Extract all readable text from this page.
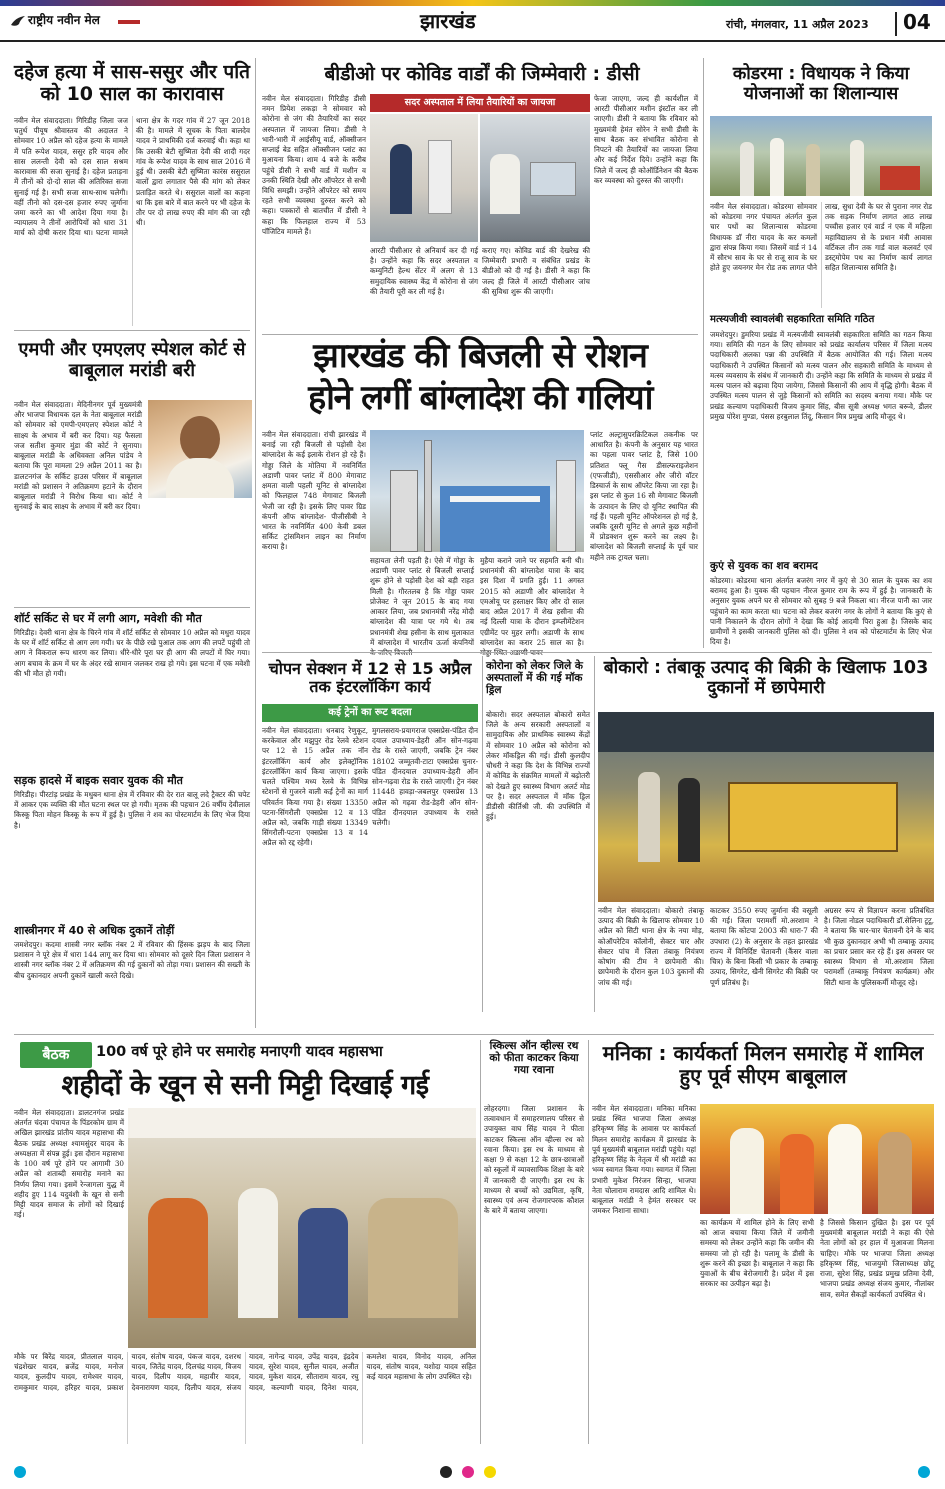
राष्ट्रीय नवीन मेल	झारखंड	रांची, मंगलवार, 11 अप्रैल 2023 04
दहेज हत्या में सास-ससुर और पति को 10 साल का कारावास
नवीन मेल संवाददाता। गिरिडीह जिला जज चतुर्थ पीयूष श्रीवास्तव की अदालत ने सोमवार 10 अप्रैल को दहेज हत्या के मामले में पति रूपेश यादव, ससुर हरि यादव और सास ललन्ती देवी को दस साल सश्रम कारावास की सजा सुनाई है। दहेज प्रताड़ना में तीनों को दो-दो साल की अतिरिक्त सजा सुनाई गई है। सभी सजा साथ-साथ चलेगी। वहीं तीनो को दस-दस हजार रुपए जुर्माना जमा करने का भी आदेश दिया गया है। न्यायालय ने तीनों आरोपियों को धारा 31 मार्च को दोषी करार दिया था। घटना मामले थाना क्षेत्र के गदर गांव में 27 जून 2018 की है। मामले में सूचक के पिता बालदेव यादव ने प्राथमिकी दर्ज करवाई थी। कहा था कि उसकी बेटी सुष्मिता देवी की शादी गदर गांव के रूपेश यादव के साथ साल 2016 में हुई थी। उसकी बेटी सुष्मिता कारंस ससुराल वालों द्वारा लगातार पैसे की मांग को लेकर प्रताड़ित करते थे। ससुराल वालों का कहना था कि इस बारे में बात करने पर भी दहेज के तौर पर दो लाख रुपए की मांग की जा रही थी।
एमपी और एमएलए स्पेशल कोर्ट से बाबूलाल मरांडी बरी
नवीन मेल संवाददाता। मेदिनीनगर पूर्व मुख्यमंत्री और भाजपा विधायक दल के नेता बाबूलाल मरांडी को सोमवार को एमपी-एमएलए स्पेशल कोर्ट ने साक्ष्य के अभाव में बरी कर दिया। यह फैसला जज सतीश कुमार मुंडा की कोर्ट ने सुनाया। बाबूलाल मरांडी के अधिवक्ता अनिल पांडेय ने बताया कि पूरा मामला 29 अप्रैल 2011 का है। डालटनगंज के सर्किट हाउस परिसर में बाबूलाल मरांडी को प्रशासन ने अतिक्रमण हटाने के दौरान बाबूलाल मरांडी ने विरोध किया था। कोर्ट ने सुनवाई के बाद साक्ष्य के अभाव में बरी कर दिया।
शॉर्ट सर्किट से घर में लगी आग, मवेशी की मौत
गिरिडीह। देवरी थाना क्षेत्र के चिरने गांव में शॉर्ट सर्किट से सोमवार 10 अप्रैल को मधुरा यादव के घर में शॉर्ट सर्किट से आग लग गयी। घर के पीछे रखे पुआल तक आग की लपटें पहुंची तो आग ने विकराल रूप धारण कर लिया। धीरे-धीरे पूरा घर ही आग की लपटों में घिर गया। आग बचाव के क्रम में घर के अंदर रखे सामान जलकर राख हो गये। इस घटना में एक मवेशी की भी मौत हो गयी।
सड़क हादसे में बाइक सवार युवक की मौत
गिरिडीह। पीरटांड़ प्रखंड के मधुबन थाना क्षेत्र में रविवार की देर रात बालू लदे ट्रैक्टर की चपेट में आकर एक व्यक्ति की मौत घटना स्थल पर हो गयी। मृतक की पहचान 26 वर्षीय देवीलाल किस्कू पिता मोहन किस्कू के रूप में हुई है। पुलिस ने शव का पोस्टमार्टम के लिए भेज दिया है।
शास्त्रीनगर में 40 से अधिक दुकानें तोड़ीं
जमशेदपुर। कदमा शास्त्री नगर ब्लॉक नंबर 2 में रविवार की हिंसक झड़प के बाद जिला प्रशासन ने पूरे क्षेत्र में धारा 144 लागू कर दिया था। सोमवार को दूसरे दिन जिला प्रशासन ने शास्त्री नगर ब्लॉक नंबर 2 में अतिक्रमण की गई दुकानों को तोड़ा गया। प्रशासन की सख्ती के बीच दुकानदार अपनी दुकानें खाली करते दिखे।
बीडीओ पर कोविड वार्डों की जिम्मेवारी : डीसी
नवीन मेल संवाददाता। गिरिडीह डीसी नमन प्रियेश लकड़ा ने सोमवार को कोरोना से जंग की तैयारियों का सदर अस्पताल में जायजा लिया। डीसी ने भारी-भारी में आईसीयू वार्ड, ऑक्सीजन सप्लाई बेड सहित ऑक्सीजन प्लांट का मुआयना किया। शाम 4 बजे के करीब पहुंचे डीसी ने सभी वार्ड में मशीन व उनकी स्थिति देखी और ऑपरेटर से सभी विधि समझी। उन्होंने ऑपरेटर को समय रहते सभी व्यवस्था दुरुस्त करने को कहा। पत्रकारों से बातचीत में डीसी ने कहा कि फिलहाल राज्य में 53 पॉजिटिव मामले हैं।
सदर अस्पताल में लिया तैयारियों का जायजा
आरटी पीसीआर से अनिवार्य कर दी गई है। उन्होंने कहा कि सदर अस्पताल व कम्युनिटी हेल्थ सेंटर में अलग से 13 समुदायिक स्वास्थ्य केंद्र में कोरोना से जंग की तैयारी पूरी कर ली गई है।
कराए गए। कोविड वार्ड की देखरेख की जिम्मेवारी प्रभारी व संबंधित प्रखंड के बीडीओ को दी गई है। डीसी ने कहा कि जल्द ही जिले में आरटी पीसीआर जांच की सुविधा शुरू की जाएगी।
फेजा जाएगा, जल्द ही कार्यशील में आरटी पीसीआर मशीन इंस्टॉल कर ली जाएगी। डीसी ने बताया कि रविवार को मुख्यमंत्री हेमंत सोरेन ने सभी डीसी के साथ बैठक कर संभावित कोरोना से निपटने की तैयारियों का जायजा लिया और कई निर्देश दिये। उन्होंने कहा कि जिले में जल्द ही कोऑर्डिनेशन की बैठक कर व्यवस्था को दुरुस्त की जाएगी।
कोडरमा : विधायक ने किया योजनाओं का शिलान्यास
नवीन मेल संवाददाता। कोडरमा सोमवार को कोडरमा नगर पंचायत अंतर्गत कुल चार पथों का शिलान्यास कोडरमा विधायक डॉ नीरा यादव के कर कमलों द्वारा संपन्न किया गया। जिसमें वार्ड नं 14 में सौरभ साव के घर से राजू साव के घर होते हुए जयनगर मेन रोड तक लागत पौने लाख, सुधा देवी के घर से पुराना नगर रोड तक सड़क निर्माण लागत आठ लाख पच्चीस हजार एवं वार्ड नं एक में महिला महाविद्यालय से के प्रधान मंत्री आवास वर्टिकल तीन तक गार्ड वाल कलवर्ट एवं डस्ट्मोपेम पथ का निर्माण कार्य लागत सहित शिलान्यास समिति है।
मत्स्यजीवी स्वावलंबी सहकारिता समिति गठित
जमशेदपुर। डुमरिया प्रखंड में मत्स्यजीवी स्वावलंबी सहकारिता समिति का गठन किया गया। समिति की गठन के लिए सोमवार को प्रखंड कार्यालय परिसर में जिला मत्स्य पदाधिकारी अलका पन्ना की उपस्थिति में बैठक आयोजित की गई। जिला मत्स्य पदाधिकारी ने उपस्थित किसानों को मत्स्य पालन और सहकारी समिति के माध्यम से मत्स्य व्यवसाय के संबंध में जानकारी दी। उन्होंने कहा कि समिति के माध्यम से प्रखंड में मत्स्य पालन को बढ़ावा दिया जायेगा, जिससे किसानों की आय में वृद्धि होगी। बैठक में उपस्थित मत्स्य पालन से जुड़े किसानों को समिति का सदस्य बनाया गया। मौके पर प्रखंड कल्याण पदाधिकारी विजय कुमार सिंह, बीस सूत्री अध्यक्ष भगत बरूवे, डीलर प्रमुख पोरेश मुण्डा, पंसस हरबुलाल तिंदू, किसान मित्र प्रमुख आदि मौजूद थे।
कुएं से युवक का शव बरामद
कोडरमा। कोडरमा थाना अंतर्गत बजरंग नगर में कुएं से 30 साल के युवक का शव बरामद हुआ है। युवक की पहचान नीरज कुमार राम के रूप में हुई है। जानकारी के अनुसार युवक अपने घर से सोमवार को सुबह 9 बजे निकला था। नीरज पानी का जार पहुंचाने का काम करता था। घटना को लेकर बजरंग नगर के लोगों ने बताया कि कुएं से पानी निकालने के दौरान लोगों ने देखा कि कोई आदमी पिरा हुआ है। जिसके बाद ग्रामीणों ने इसकी जानकारी पुलिस को दी। पुलिस ने शव को पोस्टमार्टम के लिए भेज दिया है।
झारखंड की बिजली से रोशन
होने लगीं बांग्लादेश की गलियां
नवीन मेल संवाददाता। रांची झारखंड में बनाई जा रही बिजली से पड़ोसी देश बांग्लादेश के कई इलाके रोशन हो रहे हैं। गोड्डा जिले के मोतिया में नवनिर्मित अडाणी पावर प्लांट में 800 मेगावाट क्षमता वाली पहली यूनिट से बांग्लादेश को फिलहाल 748 मेगावाट बिजली भेजी जा रही है। इसके लिए पावर ग्रिड कंपनी ऑफ बांग्लादेश- पीजीसीबी ने भारत के नवनिर्मित 400 केवी डबल सर्किट ट्रांसमिशन लाइन का निर्माण कराया है।
सहायता लेनी पड़ती है। ऐसे में गोड्डा के अडाणी पावर प्लांट से बिजली सप्लाई शुरू होने से पड़ोसी देश को बड़ी राहत मिली है। गौरतलब है कि गोड्डा पावर प्रोजेक्ट ने जून 2015 के बाद गया आकार लिया, जब प्रधानमंत्री नरेंद्र मोदी बांग्लादेश की यात्रा पर गये थे। तब प्रधानमंत्री शेख हसीना के साथ मुलाकात में बांग्लादेश में भारतीय ऊर्जा कंपनियों
मुहैया कराने जाने पर सहमति बनी थी। प्रधानमंत्री की बांग्लादेश यात्रा के बाद इस दिशा में प्रगति हुई। 11 अगस्त 2015 को अडाणी और बांग्लादेश ने एमओयू पर हस्ताक्षर किए और दो साल बाद अप्रैल 2017 में शेख हसीना की नई दिल्ली यात्रा के दौरान इम्प्लीमेंटेशन एग्रीमेंट पर मुहर लगी। अडाणी के साथ बांग्लादेश का करार 25 साल का है।
प्लांट अल्ट्रासुपरक्रिटिकल तकनीक पर आधारित है। कंपनी के अनुसार यह भारत का पहला पावर प्लांट है, जिसे 100 प्रतिशत फ्लू गैस डीसल्फराइजेशन (एफजीडी), एससीआर और जीरो वॉटर डिस्चार्ज के साथ ऑपरेट किया जा रहा है। इस प्लांट से कुल 16 सौ मेगावाट बिजली के उत्पादन के लिए दो यूनिट स्थापित की गई हैं। पहली यूनिट ऑपरेशनल हो गई है, जबकि दूसरी यूनिट से अगले कुछ महीनों में प्रोडक्शन शुरू करने का लक्ष्य है। बांग्लादेश को बिजली सप्लाई के पूर्व चार महीने तक ट्रायल चला।
चोपन सेक्शन में 12 से 15 अप्रैल तक इंटरलॉकिंग कार्य
कई ट्रेनों का रूट बदला
नवीन मेल संवाददाता। धनबाद रेणुकूट, करकेवाल और मझुपुर रोड रेलवे स्टेशन पर 12 से 15 अप्रैल तक नॉन इंटरलॉकिंग कार्य और इलेक्ट्रॉनिक इंटरलॉकिंग कार्य किया जाएगा। इसके चलते पश्चिम मध्य रेलवे के विभिन्न स्टेशनों से गुजरने वाली कई ट्रेनों का मार्ग परिवर्तन किया गया है। संख्या 13350 पटना-सिंगरौली एक्सप्रेस 12 व 13 अप्रैल को, जबकि गाड़ी संख्या 13349 सिंगरौली-पटना एक्सप्रेस 13 व 14 अप्रैल को रद्द रहेगी।
मुगलसराय-प्रयागराज एक्सप्रेस-पंडित दीन दयाल उपाध्याय-डेहरी ऑन सोन-गढ़वा रोड के रास्ते जाएगी, जबकि ट्रेन नंबर 18102 जम्मूतवी-टाटा एक्सप्रेस चुनार-पंडित दीनदयाल उपाध्याय-डेहरी ऑन सोन-गढ़वा रोड के रास्ते जाएगी। ट्रेन नंबर 11448 हावड़ा-जबलपुर एक्सप्रेस 13 अप्रैल को गढ़वा रोड-डेहरी ऑन सोन-पंडित दीनदयाल उपाध्याय के रास्ते चलेगी।
कोरोना को लेकर जिले के अस्पतालों में की गई मॉक ड्रिल
बोकारो। सदर अस्पताल बोकारो समेत जिले के अन्य सरकारी अस्पतालों व सामुदायिक और प्राथमिक स्वास्थ्य केंद्रों में सोमवार 10 अप्रैल को कोरोना को लेकर मॉकड्रिल की गई। डीसी कुलदीप चौधरी ने कहा कि देश के विभिन्न राज्यों में कोविड के संक्रमित मामलों में बढ़ोतरी को देखते हुए स्वास्थ्य विभाग अलर्ट मोड पर है। सदर अस्पताल में मॉक ड्रिल डीडीसी कीर्तिश्री जी. की उपस्थिति में हुई।
बोकारो : तंबाकू उत्पाद की बिक्री के खिलाफ 103 दुकानों में छापेमारी
नवीन मेल संवाददाता। बोकारो तंबाकू उत्पाद की बिक्री के खिलाफ सोमवार 10 अप्रैल को सिटी थाना क्षेत्र के नया मोड़, कोऑपरेटिव कॉलोनी, सेक्टर चार और सेक्टर पांच में जिला तंबाकू नियंत्रण कोषांग की टीम ने छापेमारी की। छापेमारी के दौरान कुल 103 दुकानों की जांच की गई।
काटकर 3550 रुपए जुर्माना की वसूली की गई। जिला परामर्शी मो.अरशाम ने बताया कि कोटपा 2003 की धारा-7 की उपधारा (2) के अनुसार के तहत झारखंड राज्य में विनिर्दिष्ट चेतावनी (कैंसर वाला चित्र) के बिना किसी भी प्रकार के तम्बाकू उत्पाद, सिगरेट, खैनी सिगरेट की बिक्री पर पूर्ण प्रतिबंध है।
अग्रसर रूप से विज्ञापन करना प्रतिबंधित है। जिला नोडल पदाधिकारी डॉ.सेलिना टूटू, ने बताया कि चार-चार चेतावनी देने के बाद भी कुछ दुकानदार अभी भी तम्बाकू उत्पाद का प्रचार प्रसार कर रहे हैं। इस अवसर पर स्वास्थ्य विभाग से मो.अरशाम जिला परामर्शी (तम्बाकू नियंत्रण कार्यक्रम) और सिटी थाना के पुलिसकर्मी मौजूद रहे।
बैठक	100 वर्ष पूरे होने पर समारोह मनाएगी यादव महासभा
शहीदों के खून से सनी मिट्टी दिखाई गई
नवीन मेल संवाददाता। डालटनगंज प्रखंड अंतर्गत चंदवा पंचायत के पिंडरकोम ग्राम में अखिल झारखंड प्रांतीय यादव महासभा की बैठक प्रखंड अध्यक्ष श्यामसुंदर यादव के अध्यक्षता में संपन्न हुई। इस दौरान महासभा के 100 वर्ष पूरे होने पर आगामी 30 अप्रैल को शताब्दी समारोह मनाने का निर्णय लिया गया। इसमें रेन्जागला युद्ध में शहीद हुए 114 यदुवंशी के खून से सनी मिट्टी यादव समाज के लोगों को दिखाई गई।
मौके पर बिरेंद्र यादव, प्रीतलाल यादव, चंद्रशेखर यादव, ब्रजेंद्र यादव, मनोज यादव, कुलदीप यादव, रामेश्वर यादव, रामकुमार यादव, हरिहर यादव, प्रकाश यादव, संतोष यादव, पंकज यादव, दशरथ यादव, जितेंद्र यादव, दिलचंद्र यादव, विजय यादव, दिलीप यादव, महावीर यादव, देवनारायण यादव, दिलीप यादव, संजय यादव, नागेन्द्र यादव, उपेंद्र यादव, इंद्रदेव यादव, सुरेश यादव, सुनील यादव, अजीत यादव, मुकेश यादव, सीताराम यादव, रघु यादव, कल्याणी यादव, दिनेश यादव, कमलेश यादव, विनोद यादव, अनिल यादव, संतोष यादव, यशोदा यादव सहित कई यादव महासभा के लोग उपस्थित रहे।
स्किल्स ऑन व्हील्स रथ को फीता काटकर किया गया रवाना
लोहरदगा। जिला प्रशासन के तत्वावधान में समाहरणालय परिसर से उपायुक्त वाघ सिंह यादव ने फीता काटकर स्किल्स ऑन व्हील्स रथ को रवाना किया। इस रथ के माध्यम से कक्षा 9 से कक्षा 12 के छात्र-छात्राओं को स्कूलों में व्यावसायिक शिक्षा के बारे में जानकारी दी जाएगी। इस रथ के माध्यम से बच्चों को उद्यमिता, कृषि, स्वास्थ्य एवं अन्य रोजगारपरक कौशल के बारे में बताया जाएगा।
मनिका : कार्यकर्ता मिलन समारोह में शामिल हुए पूर्व सीएम बाबूलाल
नवीन मेल संवाददाता। मनिका मनिका प्रखंड स्थित भाजपा जिला अध्यक्ष हरिकृष्ण सिंह के आवास पर कार्यकर्ता मिलन समारोह कार्यक्रम में झारखंड के पूर्व मुख्यमंत्री बाबूलाल मरांडी पहुंचे। यहां हरिकृष्ण सिंह के नेतृत्व में श्री मरांडी का भव्य स्वागत किया गया। स्वागत में जिला प्रभारी मुकेश निरंजन सिन्हा, भाजपा नेता चोलाराम रामदास आदि शामिल थे। बाबूलाल मरांडी ने हेमंत सरकार पर जमकर निशाना साधा।
का कार्यक्रम में शामिल होने के लिए सभी को आज बचाया किया जिले में जमीनी समस्या को लेकर उन्होंने कहा कि जमीन की समस्या जो हो रही है। पलामू के डीसी के शुरू करने की इच्छा है। बाबूलाल ने कहा कि युवाओं के बीच बेरोजगारी है। प्रदेश में इस सरकार का उत्पीड़न बढ़ा है।
है जिससे किसान दुखित है। इस पर पूर्व मुख्यमंत्री बाबूलाल मरांडी ने कहा की ऐसे नेता लोगों को हर हाल में मुआवजा मिलना चाहिए। मौके पर भाजपा जिला अध्यक्ष हरिकृष्ण सिंह, भाजयुमो जिलाध्यक्ष छोटू राजा, सुरेश सिंह, प्रखंड प्रमुख प्रतिमा देवी, भाजपा प्रखंड अध्यक्ष संजय कुमार, नीलांबर साव, समेत सैकड़ों कार्यकर्ता उपस्थित थे।
